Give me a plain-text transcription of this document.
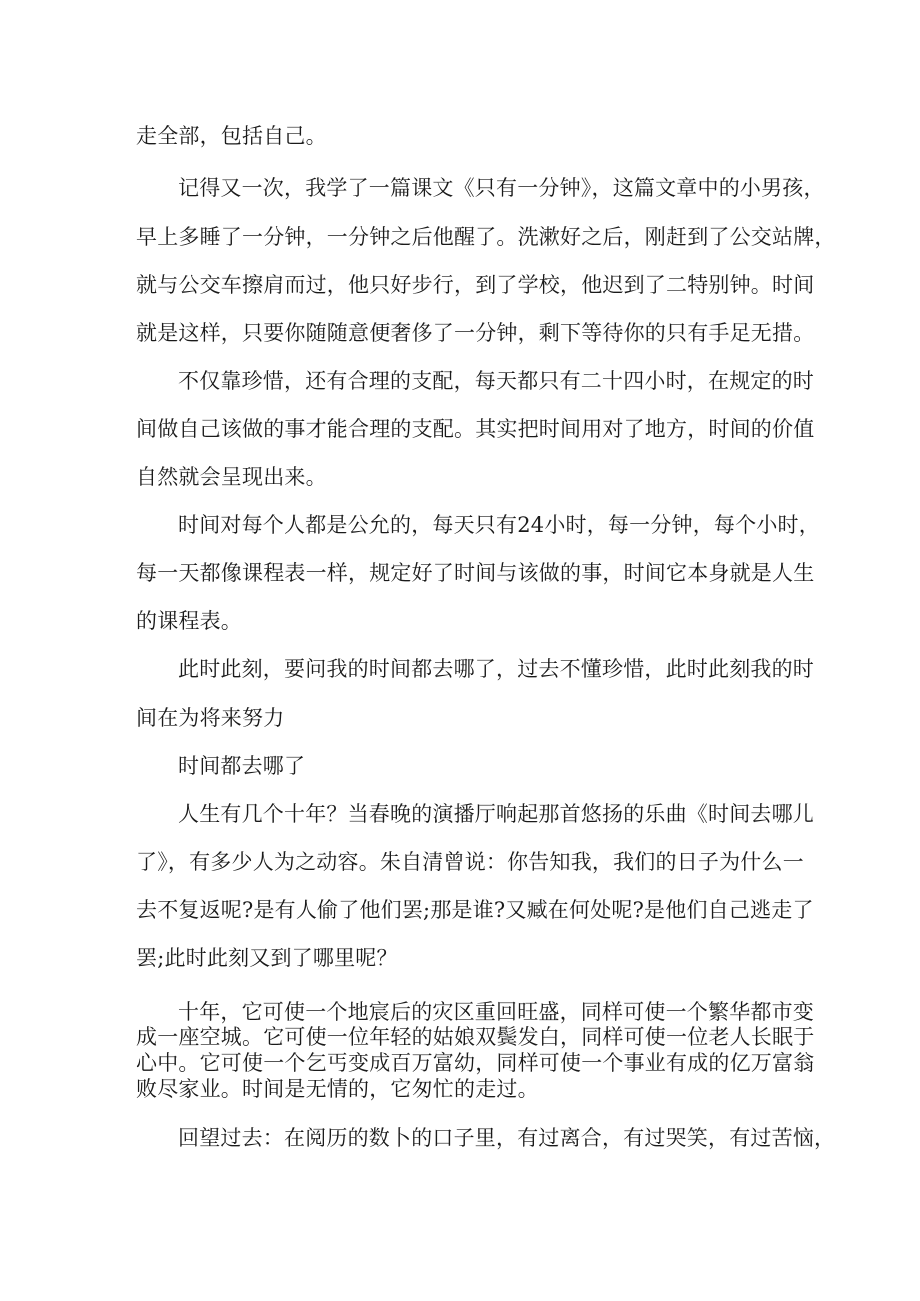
走全部，包括自己。
记得又一次，我学了一篇课文《只有一分钟》，这篇文章中的小男孩，
早上多睡了一分钟，一分钟之后他醒了。洗漱好之后，刚赶到了公交站牌，
就与公交车擦肩而过，他只好步行，到了学校，他迟到了二特别钟。时间
就是这样，只要你随随意便奢侈了一分钟，剩下等待你的只有手足无措。
不仅靠珍惜，还有合理的支配，每天都只有二十四小时，在规定的时
间做自己该做的事才能合理的支配。其实把时间用对了地方，时间的价值
自然就会呈现出来。
时间对每个人都是公允的，每天只有24小时，每一分钟，每个小时，
每一天都像课程表一样，规定好了时间与该做的事，时间它本身就是人生
的课程表。
此时此刻，要问我的时间都去哪了，过去不懂珍惜，此时此刻我的时
间在为将来努力
时间都去哪了
人生有几个十年？当春晚的演播厅响起那首悠扬的乐曲《时间去哪儿
了》，有多少人为之动容。朱自清曾说：你告知我，我们的日子为什么一
去不复返呢?是有人偷了他们罢;那是谁?又臧在何处呢?是他们自己逃走了
罢;此时此刻又到了哪里呢？
十年，它可使一个地宸后的灾区重回旺盛，同样可使一个繁华都市变
成一座空城。它可使一位年轻的姑娘双鬓发白，同样可使一位老人长眠于
心中。它可使一个乞丐变成百万富幼，同样可使一个事业有成的亿万富翁
败尽家业。时间是无情的，它匆忙的走过。
回望过去：在阅历的数卜的口子里，有过离合，有过哭笑，有过苦恼，
